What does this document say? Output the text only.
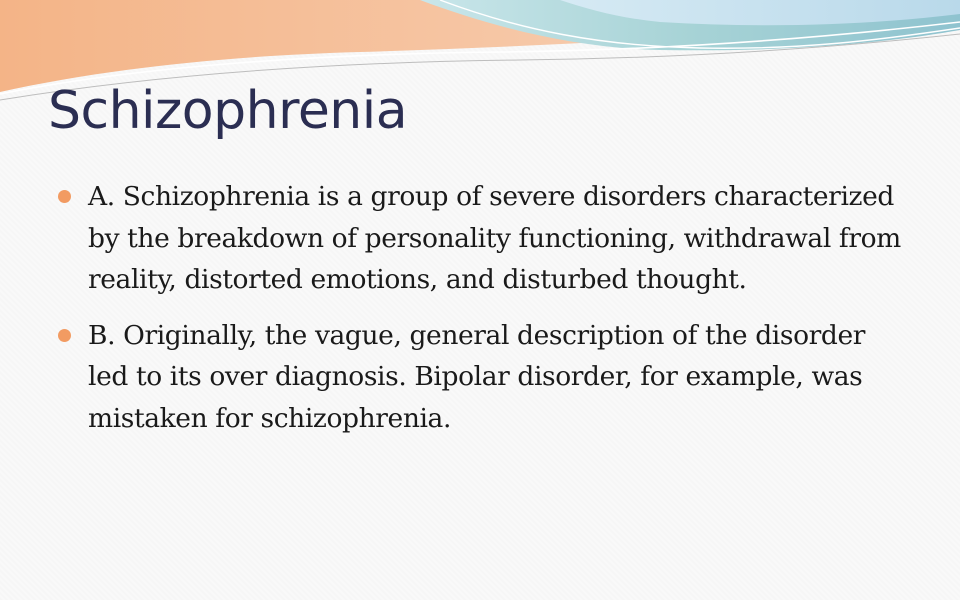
Schizophrenia
A. Schizophrenia is a group of severe disorders characterized by the breakdown of personality functioning, withdrawal from reality, distorted emotions, and disturbed thought.
B. Originally, the vague, general description of the disorder led to its over diagnosis. Bipolar disorder, for example, was mistaken for schizophrenia.
